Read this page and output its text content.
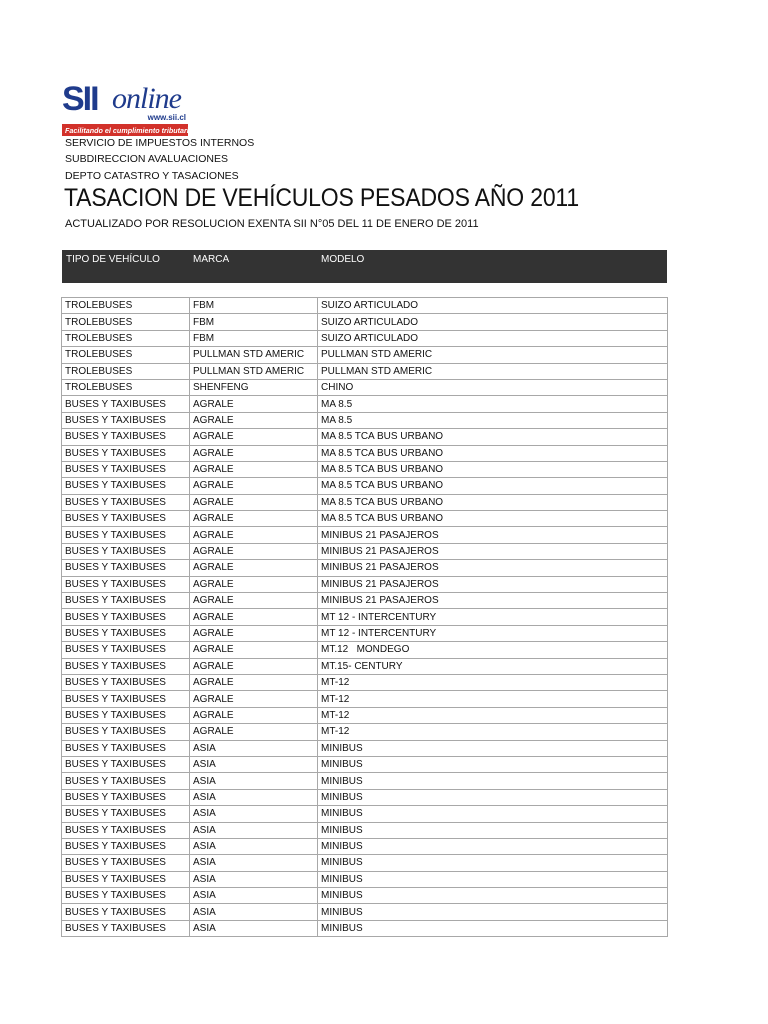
SII online
www.sii.cl
Facilitando el cumplimiento tributario
SERVICIO DE IMPUESTOS INTERNOS
SUBDIRECCION AVALUACIONES
DEPTO CATASTRO Y TASACIONES
TASACION DE VEHÍCULOS PESADOS AÑO 2011
ACTUALIZADO POR RESOLUCION EXENTA SII N°05 DEL 11 DE ENERO DE 2011
TIPO DE VEHÍCULO	MARCA	MODELO
TROLEBUSES	FBM	SUIZO ARTICULADO
TROLEBUSES	FBM	SUIZO ARTICULADO
TROLEBUSES	FBM	SUIZO ARTICULADO
TROLEBUSES	PULLMAN STD AMERIC	PULLMAN STD AMERIC
TROLEBUSES	PULLMAN STD AMERIC	PULLMAN STD AMERIC
TROLEBUSES	SHENFENG	CHINO
BUSES Y TAXIBUSES	AGRALE	MA 8.5
BUSES Y TAXIBUSES	AGRALE	MA 8.5
BUSES Y TAXIBUSES	AGRALE	MA 8.5 TCA BUS URBANO
BUSES Y TAXIBUSES	AGRALE	MA 8.5 TCA BUS URBANO
BUSES Y TAXIBUSES	AGRALE	MA 8.5 TCA BUS URBANO
BUSES Y TAXIBUSES	AGRALE	MA 8.5 TCA BUS URBANO
BUSES Y TAXIBUSES	AGRALE	MA 8.5 TCA BUS URBANO
BUSES Y TAXIBUSES	AGRALE	MA 8.5 TCA BUS URBANO
BUSES Y TAXIBUSES	AGRALE	MINIBUS 21 PASAJEROS
BUSES Y TAXIBUSES	AGRALE	MINIBUS 21 PASAJEROS
BUSES Y TAXIBUSES	AGRALE	MINIBUS 21 PASAJEROS
BUSES Y TAXIBUSES	AGRALE	MINIBUS 21 PASAJEROS
BUSES Y TAXIBUSES	AGRALE	MINIBUS 21 PASAJEROS
BUSES Y TAXIBUSES	AGRALE	MT 12 - INTERCENTURY
BUSES Y TAXIBUSES	AGRALE	MT 12 - INTERCENTURY
BUSES Y TAXIBUSES	AGRALE	MT.12   MONDEGO
BUSES Y TAXIBUSES	AGRALE	MT.15- CENTURY
BUSES Y TAXIBUSES	AGRALE	MT-12
BUSES Y TAXIBUSES	AGRALE	MT-12
BUSES Y TAXIBUSES	AGRALE	MT-12
BUSES Y TAXIBUSES	AGRALE	MT-12
BUSES Y TAXIBUSES	ASIA	MINIBUS
BUSES Y TAXIBUSES	ASIA	MINIBUS
BUSES Y TAXIBUSES	ASIA	MINIBUS
BUSES Y TAXIBUSES	ASIA	MINIBUS
BUSES Y TAXIBUSES	ASIA	MINIBUS
BUSES Y TAXIBUSES	ASIA	MINIBUS
BUSES Y TAXIBUSES	ASIA	MINIBUS
BUSES Y TAXIBUSES	ASIA	MINIBUS
BUSES Y TAXIBUSES	ASIA	MINIBUS
BUSES Y TAXIBUSES	ASIA	MINIBUS
BUSES Y TAXIBUSES	ASIA	MINIBUS
BUSES Y TAXIBUSES	ASIA	MINIBUS
